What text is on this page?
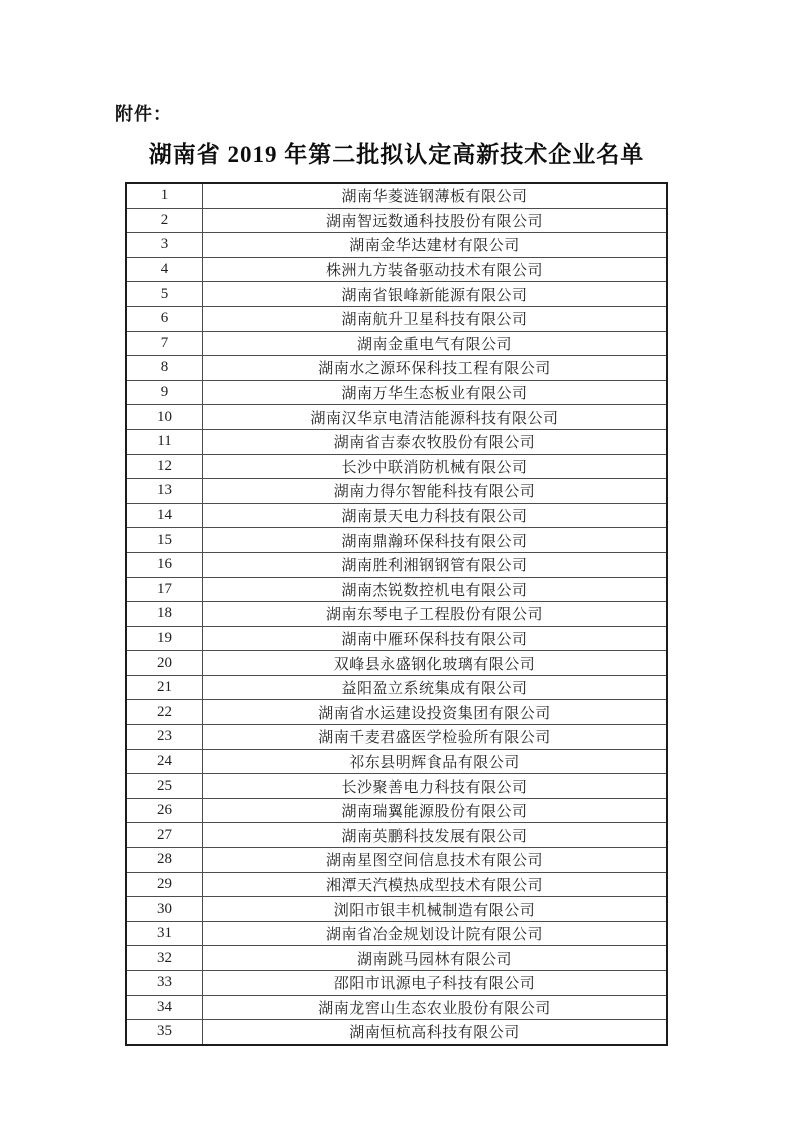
附件：
湖南省 2019 年第二批拟认定高新技术企业名单
1	湖南华菱涟钢薄板有限公司
2	湖南智远数通科技股份有限公司
3	湖南金华达建材有限公司
4	株洲九方装备驱动技术有限公司
5	湖南省银峰新能源有限公司
6	湖南航升卫星科技有限公司
7	湖南金重电气有限公司
8	湖南水之源环保科技工程有限公司
9	湖南万华生态板业有限公司
10	湖南汉华京电清洁能源科技有限公司
11	湖南省吉泰农牧股份有限公司
12	长沙中联消防机械有限公司
13	湖南力得尔智能科技有限公司
14	湖南景天电力科技有限公司
15	湖南鼎瀚环保科技有限公司
16	湖南胜利湘钢钢管有限公司
17	湖南杰锐数控机电有限公司
18	湖南东琴电子工程股份有限公司
19	湖南中雁环保科技有限公司
20	双峰县永盛钢化玻璃有限公司
21	益阳盈立系统集成有限公司
22	湖南省水运建设投资集团有限公司
23	湖南千麦君盛医学检验所有限公司
24	祁东县明辉食品有限公司
25	长沙聚善电力科技有限公司
26	湖南瑞翼能源股份有限公司
27	湖南英鹏科技发展有限公司
28	湖南星图空间信息技术有限公司
29	湘潭天汽模热成型技术有限公司
30	浏阳市银丰机械制造有限公司
31	湖南省冶金规划设计院有限公司
32	湖南跳马园林有限公司
33	邵阳市讯源电子科技有限公司
34	湖南龙窖山生态农业股份有限公司
35	湖南恒杭高科技有限公司
